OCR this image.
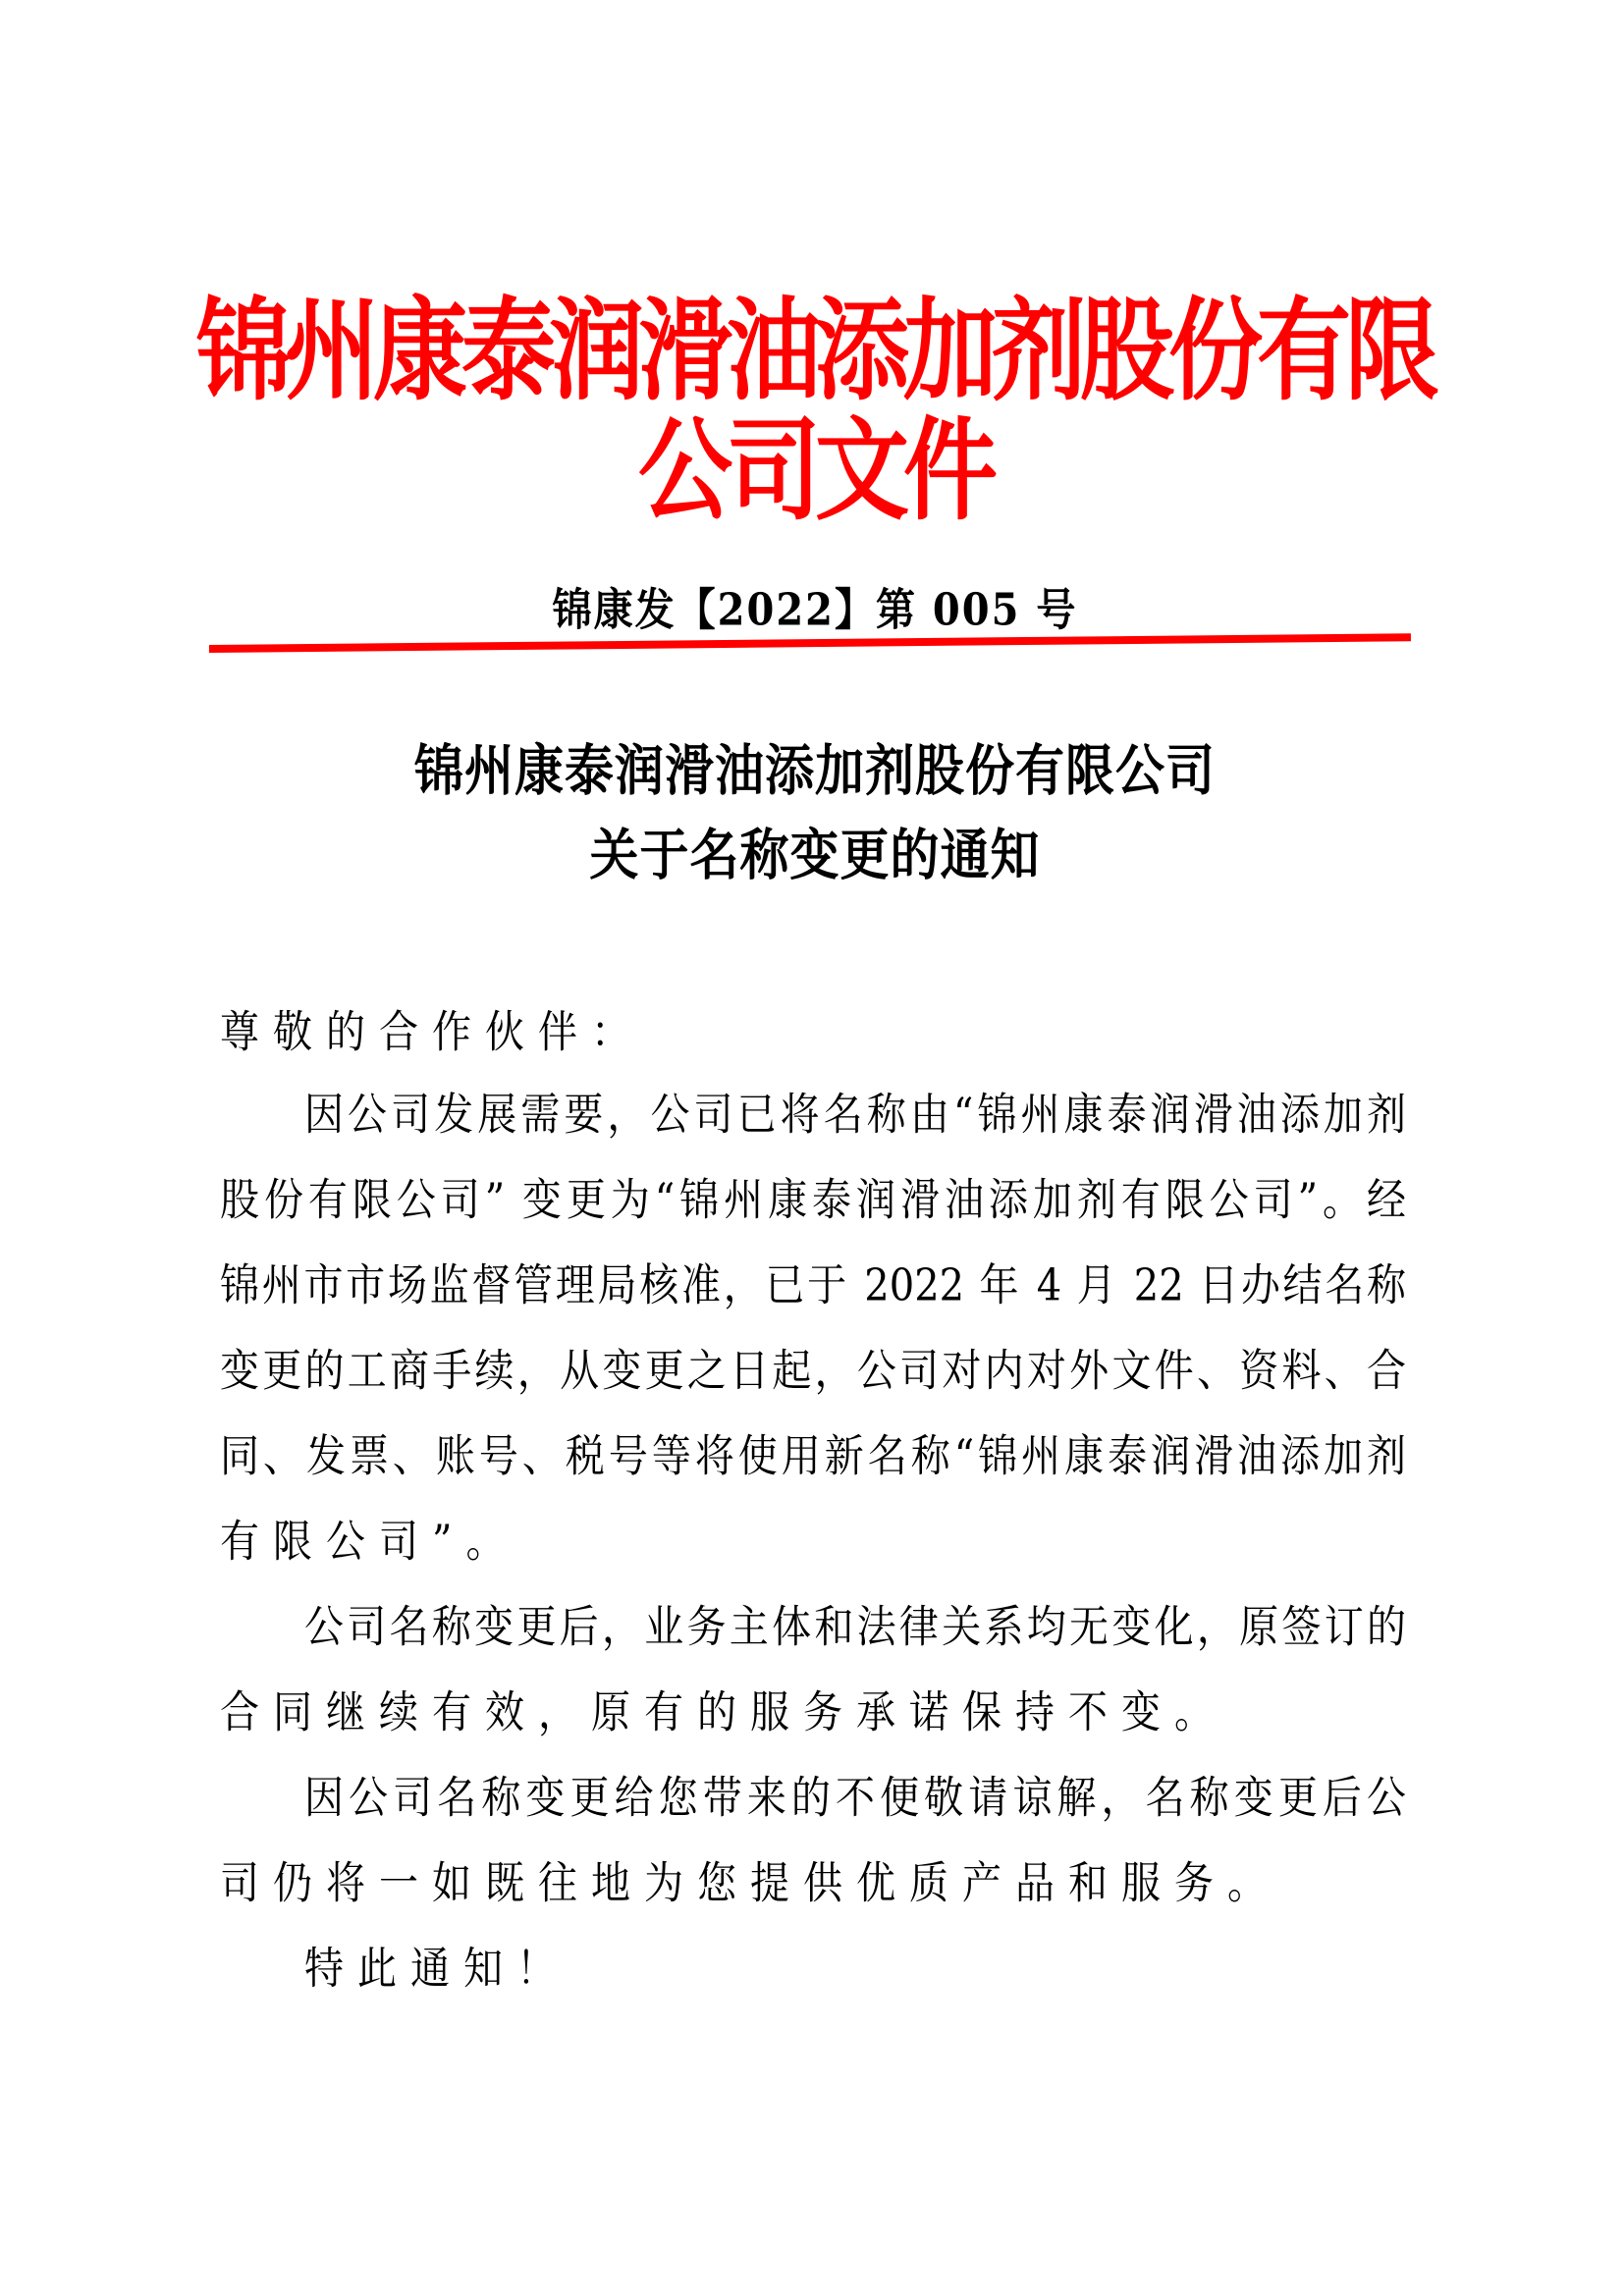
锦州康泰润滑油添加剂股份有限
公司文件
锦康发【2022】第 005 号
锦州康泰润滑油添加剂股份有限公司
关于名称变更的通知
尊敬的合作伙伴：
因公司发展需要，公司已将名称由“锦州康泰润滑油添加剂
股份有限公司” 变更为“锦州康泰润滑油添加剂有限公司”。经
锦州市市场监督管理局核准，已于 2022 年 4 月 22 日办结名称
变更的工商手续，从变更之日起，公司对内对外文件、资料、合
同、发票、账号、税号等将使用新名称“锦州康泰润滑油添加剂
有限公司”。
公司名称变更后，业务主体和法律关系均无变化，原签订的
合同继续有效，原有的服务承诺保持不变。
因公司名称变更给您带来的不便敬请谅解，名称变更后公
司仍将一如既往地为您提供优质产品和服务。
特此通知！
